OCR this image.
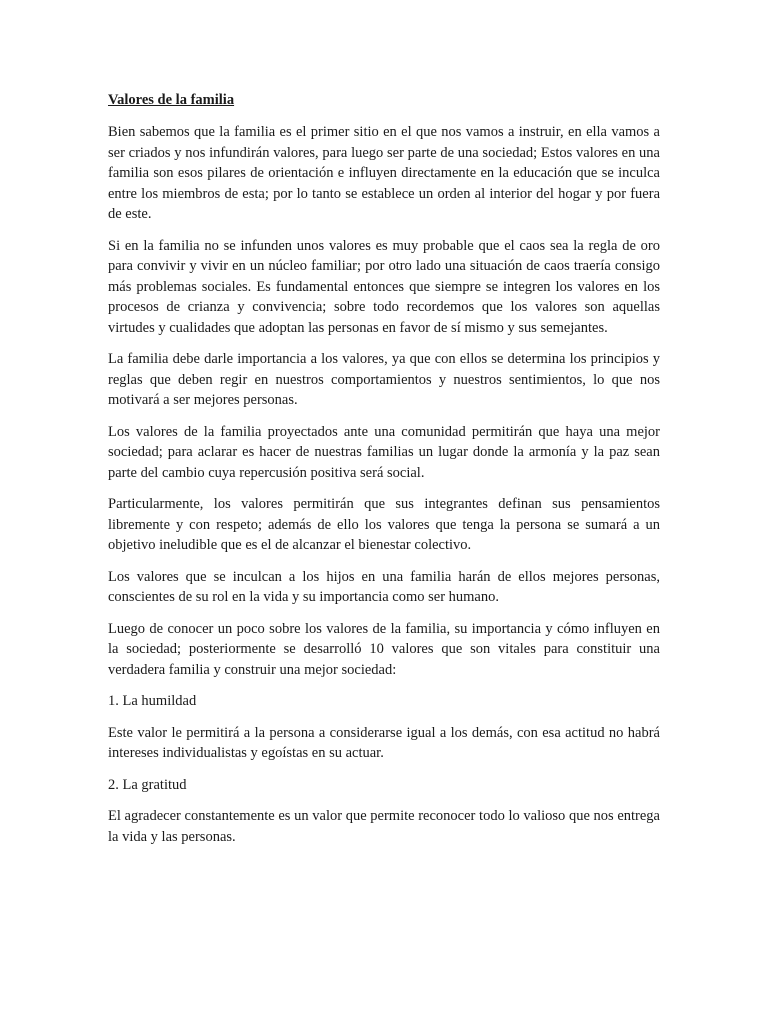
Valores de la familia

Bien sabemos que la familia es el primer sitio en el que nos vamos a instruir, en ella vamos a ser criados y nos infundirán valores, para luego ser parte de una sociedad; Estos valores en una familia son esos pilares de orientación e influyen directamente en la educación que se inculca entre los miembros de esta; por lo tanto se establece un orden al interior del hogar y por fuera de este.

Si en la familia no se infunden unos valores es muy probable que el caos sea la regla de oro para convivir y vivir en un núcleo familiar; por otro lado una situación de caos traería consigo más problemas sociales. Es fundamental entonces que siempre se integren los valores en los procesos de crianza y convivencia; sobre todo recordemos que los valores son aquellas virtudes y cualidades que adoptan las personas en favor de sí mismo y sus semejantes.

La familia debe darle importancia a los valores, ya que con ellos se determina los principios y reglas que deben regir en nuestros comportamientos y nuestros sentimientos, lo que nos motivará a ser mejores personas.

Los valores de la familia proyectados ante una comunidad permitirán que haya una mejor sociedad; para aclarar es hacer de nuestras familias un lugar donde la armonía y la paz sean parte del cambio cuya repercusión positiva será social.

Particularmente, los valores permitirán que sus integrantes definan sus pensamientos libremente y con respeto; además de ello los valores que tenga la persona se sumará a un objetivo ineludible que es el de alcanzar el bienestar colectivo.

Los valores que se inculcan a los hijos en una familia harán de ellos mejores personas, conscientes de su rol en la vida y su importancia como ser humano.

Luego de conocer un poco sobre los valores de la familia, su importancia y cómo influyen en la sociedad; posteriormente se desarrolló 10 valores que son vitales para constituir una verdadera familia y construir una mejor sociedad:

1. La humildad

Este valor le permitirá a la persona a considerarse igual a los demás, con esa actitud no habrá intereses individualistas y egoístas en su actuar.

2. La gratitud

El agradecer constantemente es un valor que permite reconocer todo lo valioso que nos entrega la vida y las personas.
